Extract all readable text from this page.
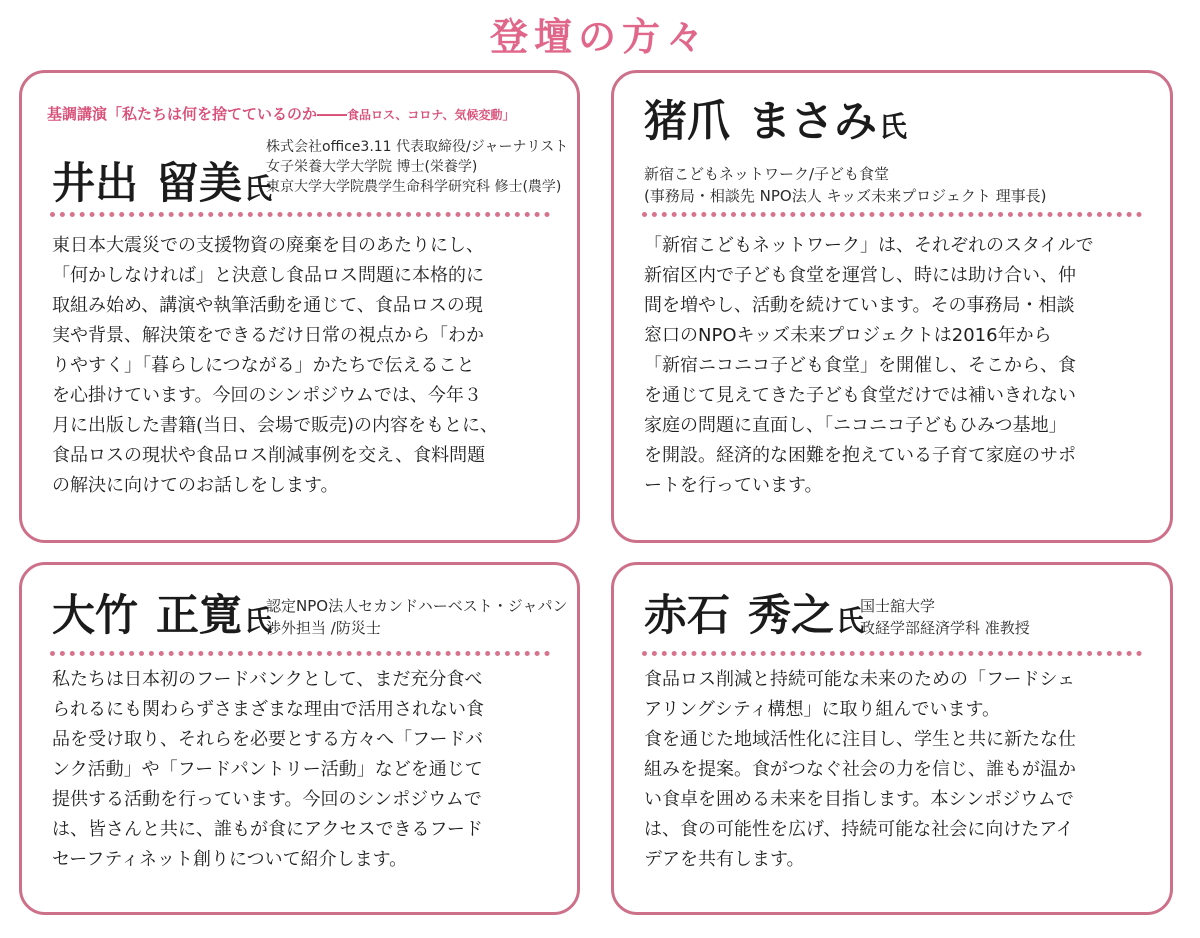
登壇の方々
基調講演「私たちは何を捨てているのか――食品ロス、コロナ、気候変動」
井出 留美氏
株式会社office3.11 代表取締役/ジャーナリスト
女子栄養大学大学院 博士(栄養学)
東京大学大学院農学生命科学研究科 修士(農学)
東日本大震災での支援物資の廃棄を目のあたりにし、
「何かしなければ」と決意し食品ロス問題に本格的に
取組み始め、講演や執筆活動を通じて、食品ロスの現
実や背景、解決策をできるだけ日常の視点から「わか
りやすく」「暮らしにつながる」かたちで伝えること
を心掛けています。今回のシンポジウムでは、今年３
月に出版した書籍(当日、会場で販売)の内容をもとに、
食品ロスの現状や食品ロス削減事例を交え、食料問題
の解決に向けてのお話しをします。
猪爪 まさみ氏
新宿こどもネットワーク/子ども食堂
(事務局・相談先 NPO法人 キッズ未来プロジェクト 理事長)
「新宿こどもネットワーク」は、それぞれのスタイルで
新宿区内で子ども食堂を運営し、時には助け合い、仲
間を増やし、活動を続けています。その事務局・相談
窓口のNPOキッズ未来プロジェクトは2016年から
「新宿ニコニコ子ども食堂」を開催し、そこから、食
を通じて見えてきた子ども食堂だけでは補いきれない
家庭の問題に直面し、「ニコニコ子どもひみつ基地」
を開設。経済的な困難を抱えている子育て家庭のサポ
ートを行っています。
大竹 正寛氏
認定NPO法人セカンドハーベスト・ジャパン
渉外担当 /防災士
私たちは日本初のフードバンクとして、まだ充分食べ
られるにも関わらずさまざまな理由で活用されない食
品を受け取り、それらを必要とする方々へ「フードバ
ンク活動」や「フードパントリー活動」などを通じて
提供する活動を行っています。今回のシンポジウムで
は、皆さんと共に、誰もが食にアクセスできるフード
セーフティネット創りについて紹介します。
赤石 秀之氏
国士舘大学
政経学部経済学科 准教授
食品ロス削減と持続可能な未来のための「フードシェ
アリングシティ構想」に取り組んでいます。
食を通じた地域活性化に注目し、学生と共に新たな仕
組みを提案。食がつなぐ社会の力を信じ、誰もが温か
い食卓を囲める未来を目指します。本シンポジウムで
は、食の可能性を広げ、持続可能な社会に向けたアイ
デアを共有します。
